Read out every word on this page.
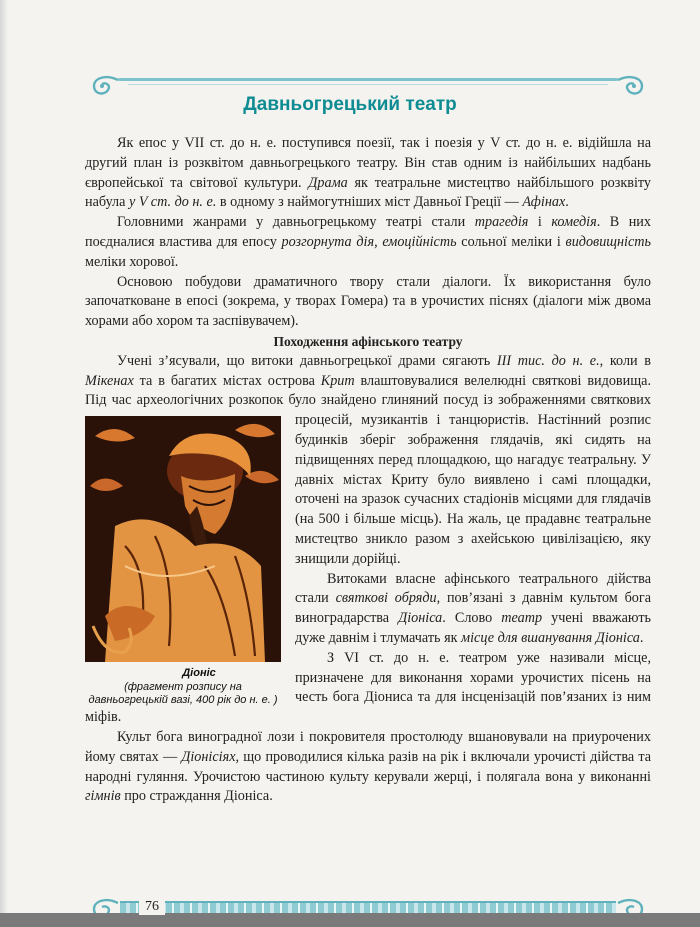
Давньогрецький театр

Як епос у VII ст. до н. е. поступився поезії, так і поезія у V ст. до н. е. відійшла на другий план із розквітом давньогрецького театру. Він став одним із найбільших надбань європейської та світової культури. Драма як театральне мистецтво найбільшого розквіту набула у V ст. до н. е. в одному з наймогутніших міст Давньої Греції — Афінах.

Головними жанрами у давньогрецькому театрі стали трагедія і комедія. В них поєдналися властива для епосу розгорнута дія, емоційність сольної меліки і видовищність меліки хорової.

Основою побудови драматичного твору стали діалоги. Їх використання було започатковане в епосі (зокрема, у творах Гомера) та в урочистих піснях (діалоги між двома хорами або хором та заспівувачем).

Походження афінського театру

Учені з’ясували, що витоки давньогрецької драми сягають III тис. до н. е., коли в Мікенах та в багатих містах острова Крит влаштовувалися велелюдні святкові видовища. Під час археологічних розкопок було знайдено глиняний посуд із зображеннями святкових процесій, музикантів і танцюристів.
Діоніс
(фрагмент розпису на давньогрецькій вазі, 400 рік до н. е. )
Настінний розпис будинків зберіг зображення глядачів, які сидять на підвищеннях перед площадкою, що нагадує театральну. У давніх містах Криту було виявлено і самі площадки, оточені на зразок сучасних стадіонів місцями для глядачів (на 500 і більше місць). На жаль, це прадавнє театральне мистецтво зникло разом з ахейською цивілізацією, яку знищили дорійці.

Витоками власне афінського театрального дійства стали святкові обряди, пов’язані з давнім культом бога виноградарства Діоніса. Слово театр учені вважають дуже давнім і тлумачать як місце для вшанування Діоніса.

З VI ст. до н. е. театром уже називали місце, призначене для виконання хорами урочистих пісень на честь бога Діониса та для інсценізацій пов’язаних із ним міфів.

Культ бога виноградної лози і покровителя простолюду вшановували на приурочених йому святах — Діонісіях, що проводилися кілька разів на рік і включали урочисті дійства та народні гуляння. Урочистою частиною культу керували жерці, і полягала вона у виконанні гімнів про страждання Діоніса.

76
